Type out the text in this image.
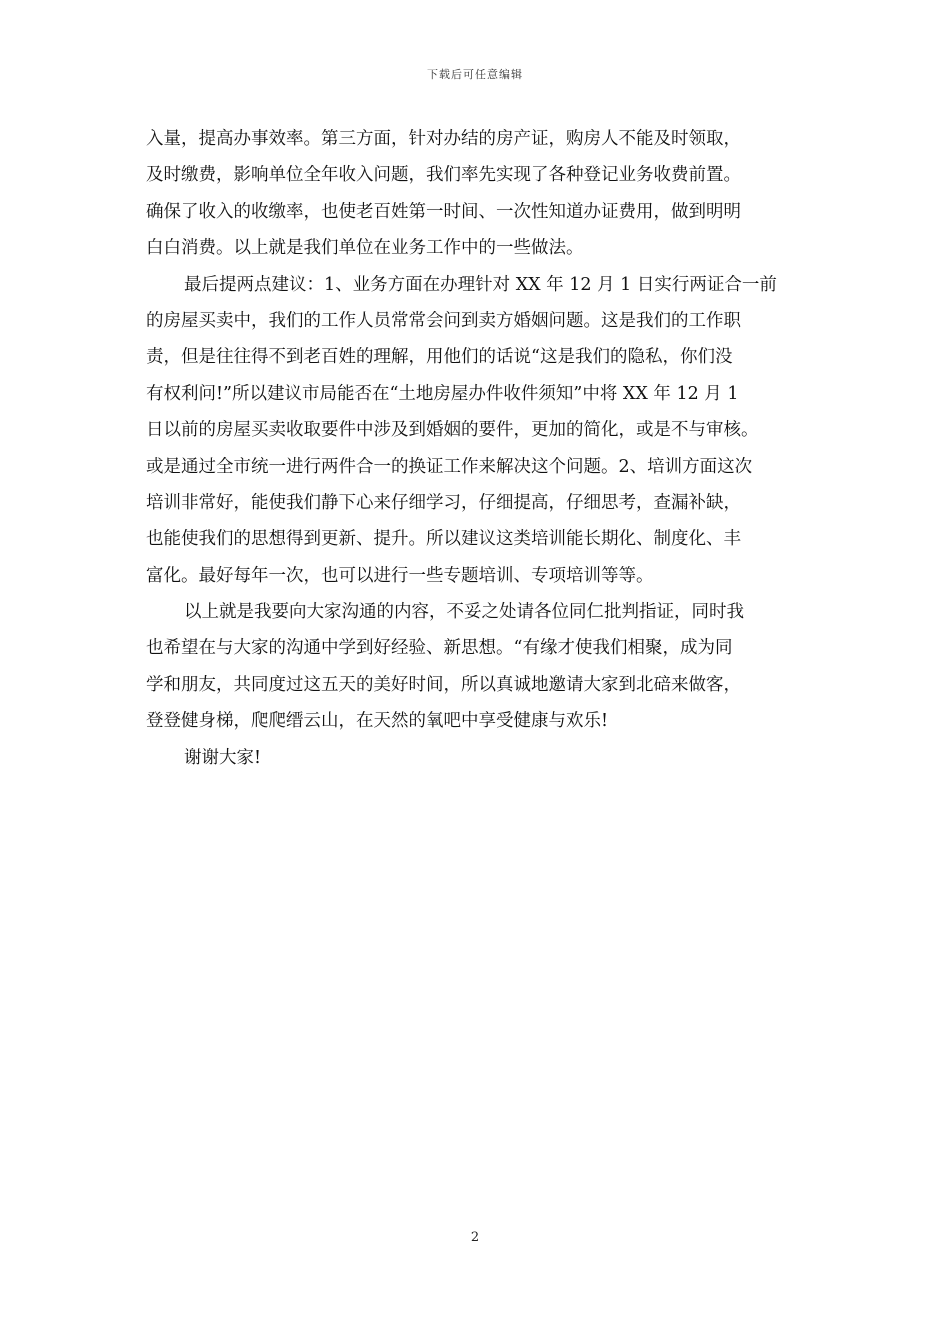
下载后可任意编辑
入量，提高办事效率。第三方面，针对办结的房产证，购房人不能及时领取，
及时缴费，影响单位全年收入问题，我们率先实现了各种登记业务收费前置。
确保了收入的收缴率，也使老百姓第一时间、一次性知道办证费用，做到明明
白白消费。以上就是我们单位在业务工作中的一些做法。
最后提两点建议：1、业务方面在办理针对 XX 年 12 月 1 日实行两证合一前
的房屋买卖中，我们的工作人员常常会问到卖方婚姻问题。这是我们的工作职
责，但是往往得不到老百姓的理解，用他们的话说“这是我们的隐私，你们没
有权利问!”所以建议市局能否在“土地房屋办件收件须知”中将 XX 年 12 月 1
日以前的房屋买卖收取要件中涉及到婚姻的要件，更加的简化，或是不与审核。
或是通过全市统一进行两件合一的换证工作来解决这个问题。2、培训方面这次
培训非常好，能使我们静下心来仔细学习，仔细提高，仔细思考，查漏补缺，
也能使我们的思想得到更新、提升。所以建议这类培训能长期化、制度化、丰
富化。最好每年一次，也可以进行一些专题培训、专项培训等等。
以上就是我要向大家沟通的内容，不妥之处请各位同仁批判指证，同时我
也希望在与大家的沟通中学到好经验、新思想。“有缘才使我们相聚，成为同
学和朋友，共同度过这五天的美好时间，所以真诚地邀请大家到北碚来做客，
登登健身梯，爬爬缙云山，在天然的氧吧中享受健康与欢乐!
谢谢大家!
2
